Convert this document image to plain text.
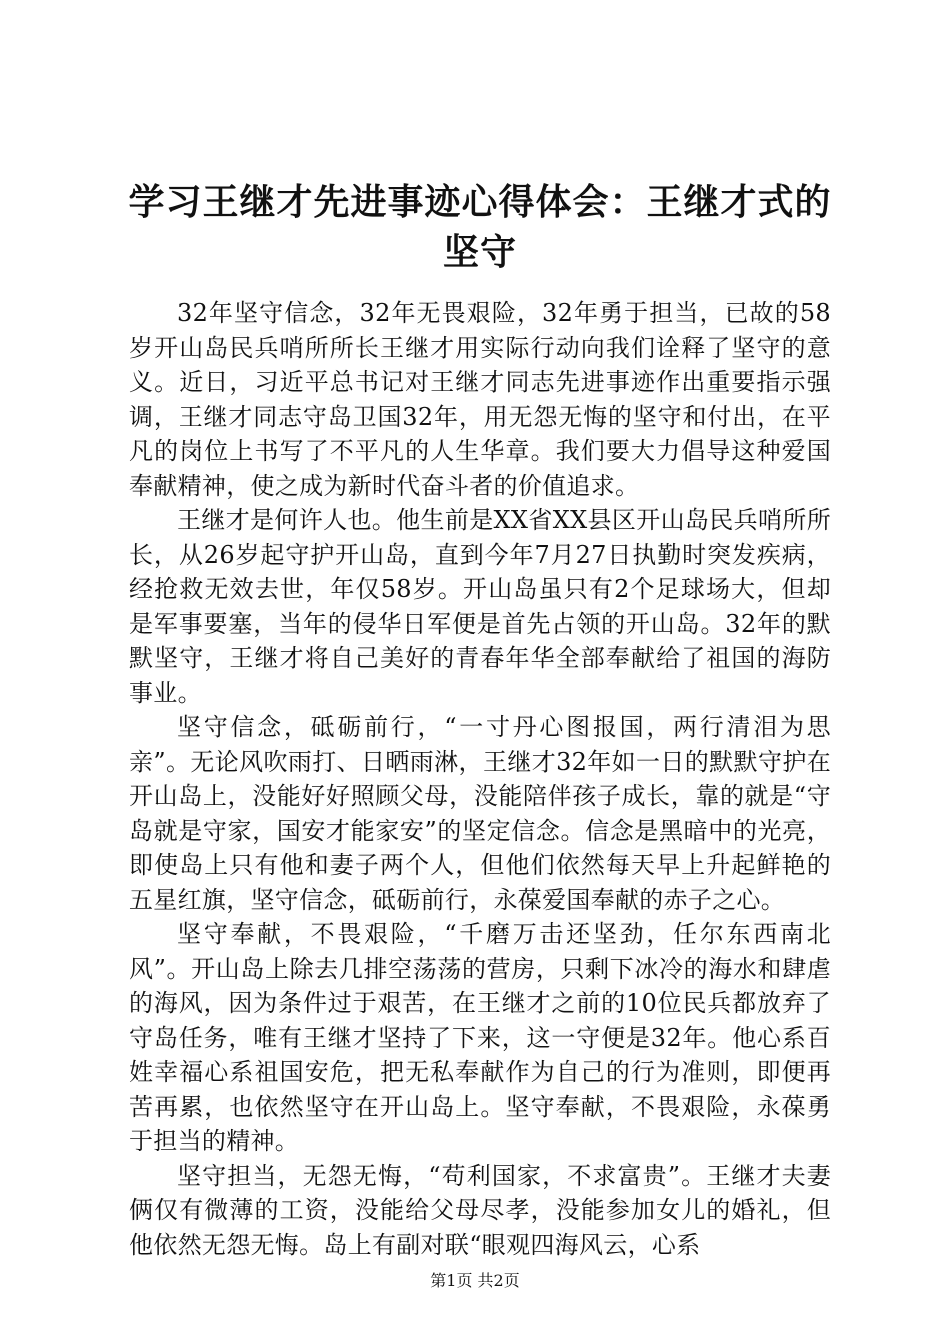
学习王继才先进事迹心得体会：王继才式的坚守

32年坚守信念，32年无畏艰险，32年勇于担当，已故的58岁开山岛民兵哨所所长王继才用实际行动向我们诠释了坚守的意义。近日，习近平总书记对王继才同志先进事迹作出重要指示强调，王继才同志守岛卫国32年，用无怨无悔的坚守和付出，在平凡的岗位上书写了不平凡的人生华章。我们要大力倡导这种爱国奉献精神，使之成为新时代奋斗者的价值追求。

王继才是何许人也。他生前是XX省XX县区开山岛民兵哨所所长，从26岁起守护开山岛，直到今年7月27日执勤时突发疾病，经抢救无效去世，年仅58岁。开山岛虽只有2个足球场大，但却是军事要塞，当年的侵华日军便是首先占领的开山岛。32年的默默坚守，王继才将自己美好的青春年华全部奉献给了祖国的海防事业。

坚守信念，砥砺前行，“一寸丹心图报国，两行清泪为思亲”。无论风吹雨打、日晒雨淋，王继才32年如一日的默默守护在开山岛上，没能好好照顾父母，没能陪伴孩子成长，靠的就是“守岛就是守家，国安才能家安”的坚定信念。信念是黑暗中的光亮，即使岛上只有他和妻子两个人，但他们依然每天早上升起鲜艳的五星红旗，坚守信念，砥砺前行，永葆爱国奉献的赤子之心。

坚守奉献，不畏艰险，“千磨万击还坚劲，任尔东西南北风”。开山岛上除去几排空荡荡的营房，只剩下冰冷的海水和肆虐的海风，因为条件过于艰苦，在王继才之前的10位民兵都放弃了守岛任务，唯有王继才坚持了下来，这一守便是32年。他心系百姓幸福心系祖国安危，把无私奉献作为自己的行为准则，即便再苦再累，也依然坚守在开山岛上。坚守奉献，不畏艰险，永葆勇于担当的精神。

坚守担当，无怨无悔，“苟利国家，不求富贵”。王继才夫妻俩仅有微薄的工资，没能给父母尽孝，没能参加女儿的婚礼，但他依然无怨无悔。岛上有副对联“眼观四海风云，心系

第1页 共2页
